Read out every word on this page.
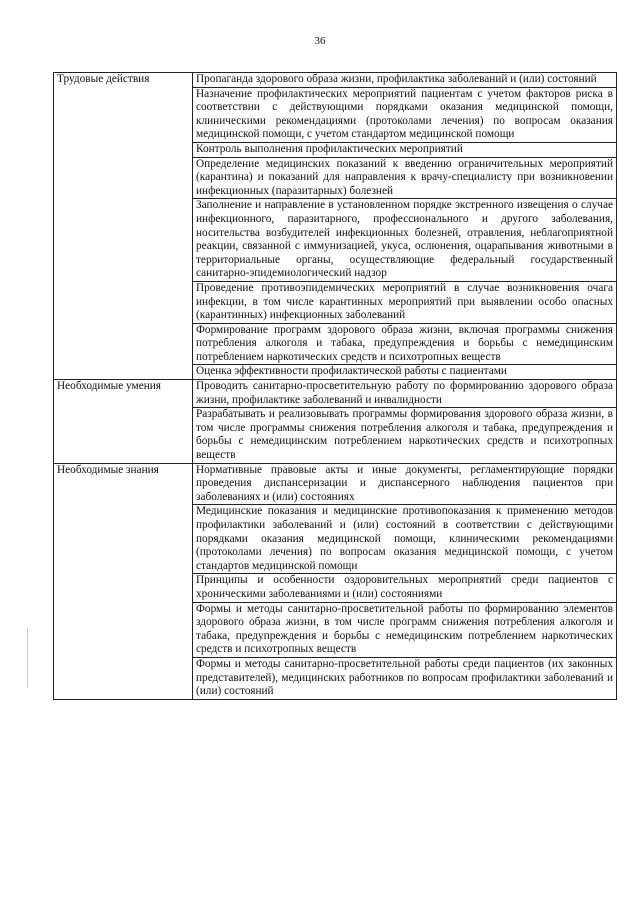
36
Трудовые действия	Пропаганда здорового образа жизни, профилактика заболеваний и (или) состояний
	Назначение профилактических мероприятий пациентам с учетом факторов риска в соответствии с действующими порядками оказания медицинской помощи, клиническими рекомендациями (протоколами лечения) по вопросам оказания медицинской помощи, с учетом стандартом медицинской помощи
	Контроль выполнения профилактических мероприятий
	Определение медицинских показаний к введению ограничительных мероприятий (карантина) и показаний для направления к врачу-специалисту при возникновении инфекционных (паразитарных) болезней
	Заполнение и направление в установленном порядке экстренного извещения о случае инфекционного, паразитарного, профессионального и другого заболевания, носительства возбудителей инфекционных болезней, отравления, неблагоприятной реакции, связанной с иммунизацией, укуса, ослюнения, оцарапывания животными в территориальные органы, осуществляющие федеральный государственный санитарно-эпидемиологический надзор
	Проведение противоэпидемических мероприятий в случае возникновения очага инфекции, в том числе карантинных мероприятий при выявлении особо опасных (карантинных) инфекционных заболеваний
	Формирование программ здорового образа жизни, включая программы снижения потребления алкоголя и табака, предупреждения и борьбы с немедицинским потреблением наркотических средств и психотропных веществ
	Оценка эффективности профилактической работы с пациентами
Необходимые умения	Проводить санитарно-просветительную работу по формированию здорового образа жизни, профилактике заболеваний и инвалидности
	Разрабатывать и реализовывать программы формирования здорового образа жизни, в том числе программы снижения потребления алкоголя и табака, предупреждения и борьбы с немедицинским потреблением наркотических средств и психотропных веществ
Необходимые знания	Нормативные правовые акты и иные документы, регламентирующие порядки проведения диспансеризации и диспансерного наблюдения пациентов при заболеваниях и (или) состояниях
	Медицинские показания и медицинские противопоказания к применению методов профилактики заболеваний и (или) состояний в соответствии с действующими порядками оказания медицинской помощи, клиническими рекомендациями (протоколами лечения) по вопросам оказания медицинской помощи, с учетом стандартов медицинской помощи
	Принципы и особенности оздоровительных мероприятий среди пациентов с хроническими заболеваниями и (или) состояниями
	Формы и методы санитарно-просветительной работы по формированию элементов здорового образа жизни, в том числе программ снижения потребления алкоголя и табака, предупреждения и борьбы с немедицинским потреблением наркотических средств и психотропных веществ
	Формы и методы санитарно-просветительной работы среди пациентов (их законных представителей), медицинских работников по вопросам профилактики заболеваний и (или) состояний
